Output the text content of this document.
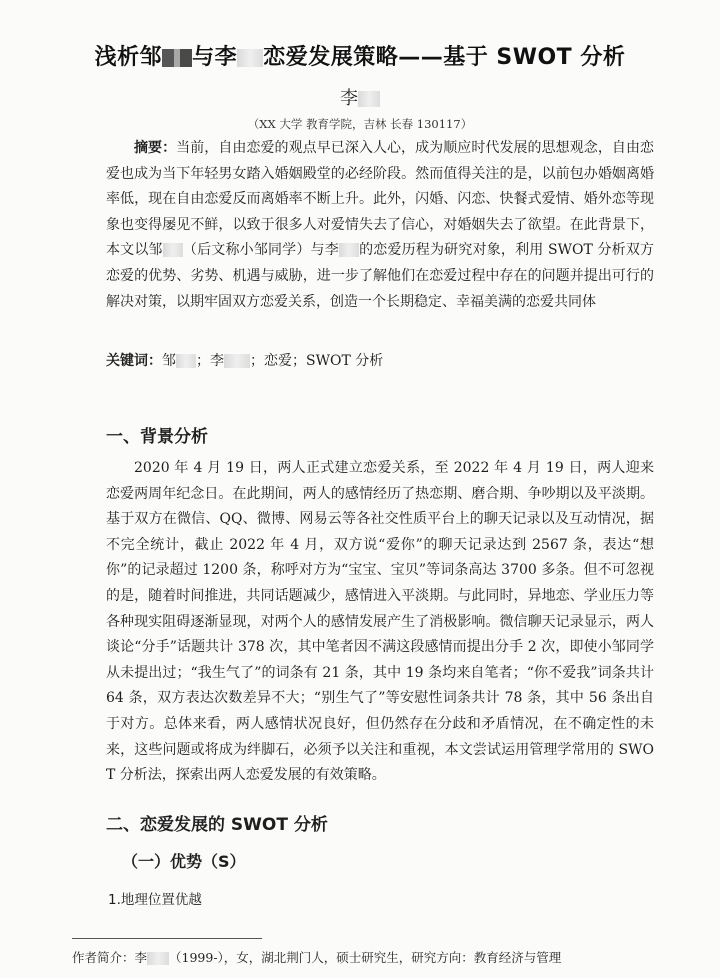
浅析邹 与李 恋爱发展策略——基于 SWOT 分析
李
（XX 大学 教育学院，吉林 长春 130117）
摘要：当前，自由恋爱的观点早已深入人心，成为顺应时代发展的思想观念，自由恋爱也成为当下年轻男女踏入婚姻殿堂的必经阶段。然而值得关注的是，以前包办婚姻离婚率低，现在自由恋爱反而离婚率不断上升。此外，闪婚、闪恋、快餐式爱情、婚外恋等现象也变得屡见不鲜，以致于很多人对爱情失去了信心，对婚姻失去了欲望。在此背景下，本文以邹 （后文称小邹同学）与李 的恋爱历程为研究对象，利用 SWOT 分析双方恋爱的优势、劣势、机遇与威胁，进一步了解他们在恋爱过程中存在的问题并提出可行的解决对策，以期牢固双方恋爱关系，创造一个长期稳定、幸福美满的恋爱共同体
关键词：邹 ；李 ；恋爱；SWOT 分析
一、背景分析
2020 年 4 月 19 日，两人正式建立恋爱关系，至 2022 年 4 月 19 日，两人迎来恋爱两周年纪念日。在此期间，两人的感情经历了热恋期、磨合期、争吵期以及平淡期。基于双方在微信、QQ、微博、网易云等各社交性质平台上的聊天记录以及互动情况，据不完全统计，截止 2022 年 4 月，双方说“爱你”的聊天记录达到 2567 条，表达“想你”的记录超过 1200 条，称呼对方为“宝宝、宝贝”等词条高达 3700 多条。但不可忽视的是，随着时间推进，共同话题减少，感情进入平淡期。与此同时，异地恋、学业压力等各种现实阻碍逐渐显现，对两个人的感情发展产生了消极影响。微信聊天记录显示，两人谈论“分手”话题共计 378 次，其中笔者因不满这段感情而提出分手 2 次，即使小邹同学从未提出过；“我生气了”的词条有 21 条，其中 19 条均来自笔者；“你不爱我”词条共计 64 条，双方表达次数差异不大；“别生气了”等安慰性词条共计 78 条，其中 56 条出自于对方。总体来看，两人感情状况良好，但仍然存在分歧和矛盾情况，在不确定性的未来，这些问题或将成为绊脚石，必须予以关注和重视，本文尝试运用管理学常用的 SWOT 分析法，探索出两人恋爱发展的有效策略。
二、恋爱发展的 SWOT 分析
（一）优势（S）
1.地理位置优越
作者简介：李 （1999-），女，湖北荆门人，硕士研究生，研究方向：教育经济与管理
